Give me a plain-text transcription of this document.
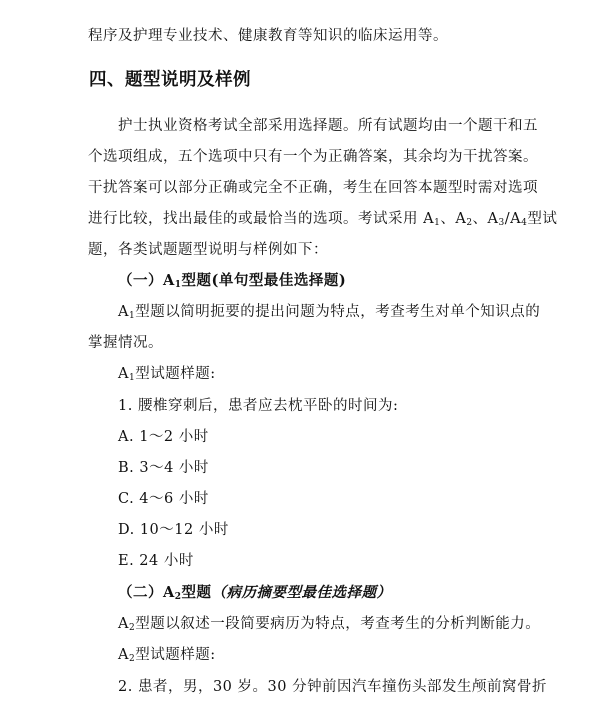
程序及护理专业技术、健康教育等知识的临床运用等。
四、题型说明及样例
护士执业资格考试全部采用选择题。所有试题均由一个题干和五
个选项组成，五个选项中只有一个为正确答案，其余均为干扰答案。
干扰答案可以部分正确或完全不正确，考生在回答本题型时需对选项
进行比较，找出最佳的或最恰当的选项。考试采用 $A_1$、$A_2$、$A_3/A_4$型试
题，各类试题题型说明与样例如下：
（一）$A_1$型题(单句型最佳选择题)
$A_1$型题以简明扼要的提出问题为特点，考查考生对单个知识点的
掌握情况。
$A_1$型试题样题:
1. 腰椎穿刺后，患者应去枕平卧的时间为:
A. 1～2 小时
B. 3～4 小时
C. 4～6 小时
D. 10～12 小时
E. 24 小时
（二）$A_2$型题（病历摘要型最佳选择题）
$A_2$型题以叙述一段简要病历为特点，考查考生的分析判断能力。
$A_2$型试题样题:
2. 患者，男，30 岁。30 分钟前因汽车撞伤头部发生颅前窝骨折
